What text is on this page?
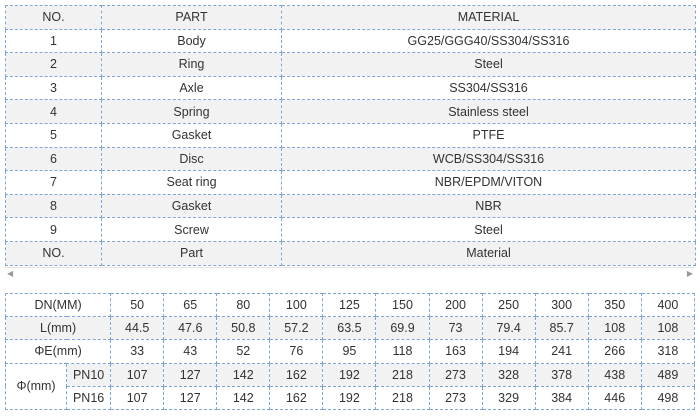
NO.	PART	MATERIAL
1	Body	GG25/GGG40/SS304/SS316
2	Ring	Steel
3	Axle	SS304/SS316
4	Spring	Stainless steel
5	Gasket	PTFE
6	Disc	WCB/SS304/SS316
7	Seat ring	NBR/EPDM/VITON
8	Gasket	NBR
9	Screw	Steel
NO.	Part	Material
◀	▶
DN(MM)		50	65	80	100	125	150	200	250	300	350	400
L(mm)		44.5	47.6	50.8	57.2	63.5	69.9	73	79.4	85.7	108	108
ΦE(mm)		33	43	52	76	95	118	163	194	241	266	318
Φ(mm)	PN10	107	127	142	162	192	218	273	328	378	438	489
	PN16	107	127	142	162	192	218	273	329	384	446	498
